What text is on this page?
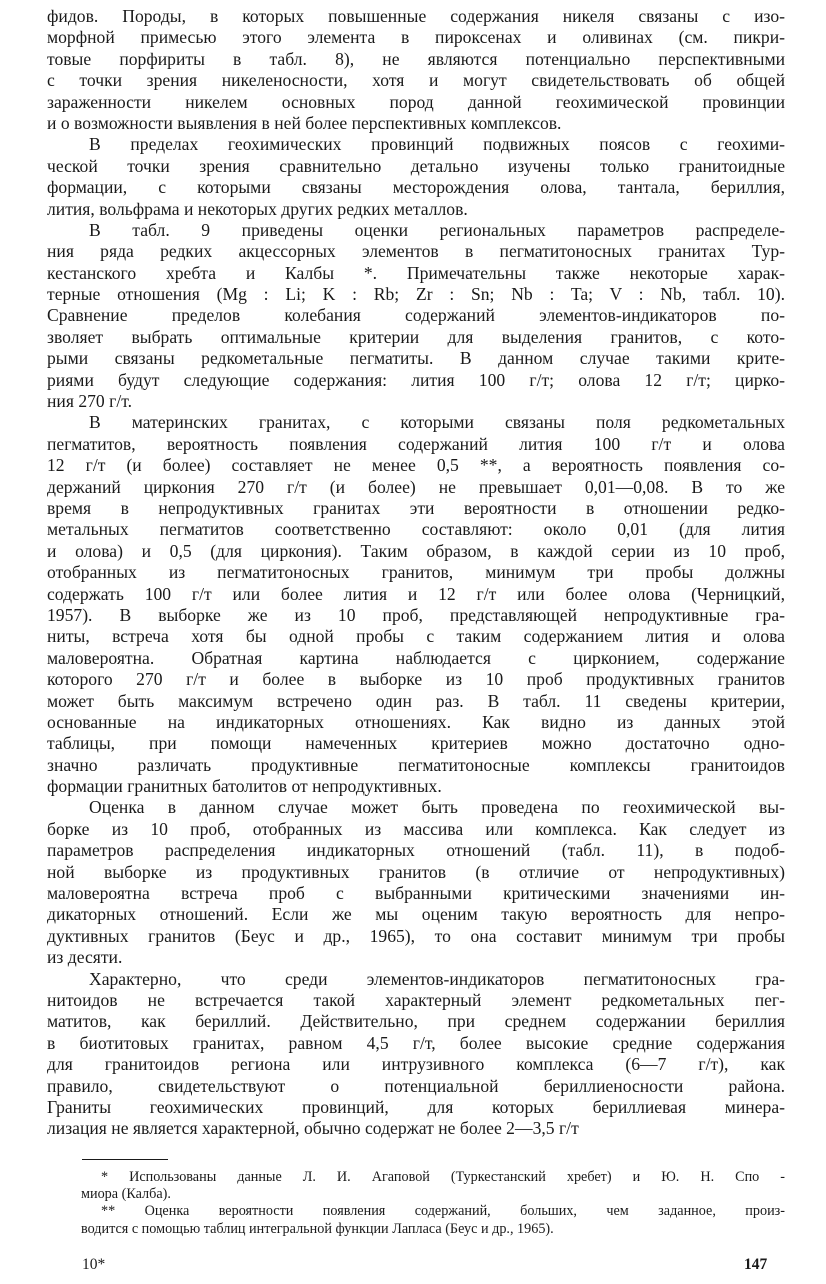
фидов. Породы, в которых повышенные содержания никеля связаны с изо-
морфной примесью этого элемента в пироксенах и оливинах (см. пикри-
товые порфириты в табл. 8), не являются потенциально перспективными
с точки зрения никеленосности, хотя и могут свидетельствовать об общей
зараженности никелем основных пород данной геохимической провинции
и о возможности выявления в ней более перспективных комплексов.
В пределах геохимических провинций подвижных поясов с геохими-
ческой точки зрения сравнительно детально изучены только гранитоидные
формации, с которыми связаны месторождения олова, тантала, бериллия,
лития, вольфрама и некоторых других редких металлов.
В табл. 9 приведены оценки региональных параметров распределе-
ния ряда редких акцессорных элементов в пегматитоносных гранитах Тур-
кестанского хребта и Калбы *. Примечательны также некоторые харак-
терные отношения (Mg : Li; K : Rb; Zr : Sn; Nb : Ta; V : Nb, табл. 10).
Сравнение пределов колебания содержаний элементов-индикаторов по-
зволяет выбрать оптимальные критерии для выделения гранитов, с кото-
рыми связаны редкометальные пегматиты. В данном случае такими крите-
риями будут следующие содержания: лития 100 г/т; олова 12 г/т; цирко-
ния 270 г/т.
В материнских гранитах, с которыми связаны поля редкометальных
пегматитов, вероятность появления содержаний лития 100 г/т и олова
12 г/т (и более) составляет не менее 0,5 **, а вероятность появления со-
держаний циркония 270 г/т (и более) не превышает 0,01—0,08. В то же
время в непродуктивных гранитах эти вероятности в отношении редко-
метальных пегматитов соответственно составляют: около 0,01 (для лития
и олова) и 0,5 (для циркония). Таким образом, в каждой серии из 10 проб,
отобранных из пегматитоносных гранитов, минимум три пробы должны
содержать 100 г/т или более лития и 12 г/т или более олова (Черницкий,
1957). В выборке же из 10 проб, представляющей непродуктивные гра-
ниты, встреча хотя бы одной пробы с таким содержанием лития и олова
маловероятна. Обратная картина наблюдается с цирконием, содержание
которого 270 г/т и более в выборке из 10 проб продуктивных гранитов
может быть максимум встречено один раз. В табл. 11 сведены критерии,
основанные на индикаторных отношениях. Как видно из данных этой
таблицы, при помощи намеченных критериев можно достаточно одно-
значно различать продуктивные пегматитоносные комплексы гранитоидов
формации гранитных батолитов от непродуктивных.
Оценка в данном случае может быть проведена по геохимической вы-
борке из 10 проб, отобранных из массива или комплекса. Как следует из
параметров распределения индикаторных отношений (табл. 11), в подоб-
ной выборке из продуктивных гранитов (в отличие от непродуктивных)
маловероятна встреча проб с выбранными критическими значениями ин-
дикаторных отношений. Если же мы оценим такую вероятность для непро-
дуктивных гранитов (Беус и др., 1965), то она составит минимум три пробы
из десяти.
Характерно, что среди элементов-индикаторов пегматитоносных гра-
нитоидов не встречается такой характерный элемент редкометальных пег-
матитов, как бериллий. Действительно, при среднем содержании бериллия
в биотитовых гранитах, равном 4,5 г/т, более высокие средние содержания
для гранитоидов региона или интрузивного комплекса (6—7 г/т), как
правило, свидетельствуют о потенциальной бериллиеносности района.
Граниты геохимических провинций, для которых бериллиевая минера-
лизация не является характерной, обычно содержат не более 2—3,5 г/т
* Использованы данные Л. И. Агаповой (Туркестанский хребет) и Ю. Н. Спо -
миора (Калба).
** Оценка вероятности появления содержаний, больших, чем заданное, произ-
водится с помощью таблиц интегральной функции Лапласа (Беус и др., 1965).
10*	147
